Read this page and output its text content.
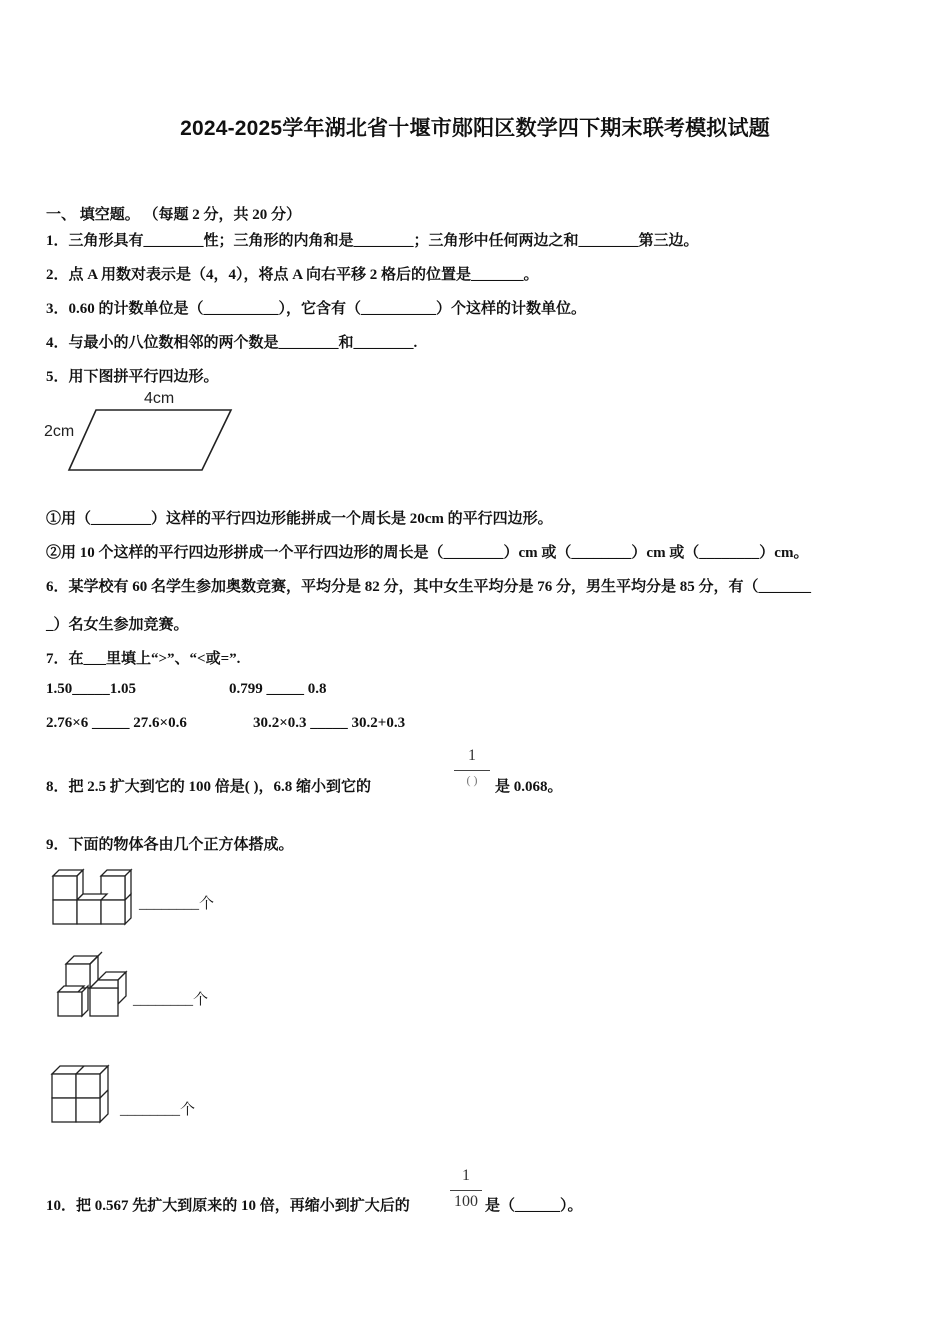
2024-2025学年湖北省十堰市郧阳区数学四下期末联考模拟试题
一、 填空题。 （每题 2 分，共 20 分）
1．三角形具有________性；三角形的内角和是________；三角形中任何两边之和________第三边。
2．点 A 用数对表示是（4，4），将点 A 向右平移 2 格后的位置是_______。
3．0.60 的计数单位是（__________），它含有（__________）个这样的计数单位。
4．与最小的八位数相邻的两个数是________和________.
5．用下图拼平行四边形。
4cm
2cm
①用（________）这样的平行四边形能拼成一个周长是 20cm 的平行四边形。
②用 10 个这样的平行四边形拼成一个平行四边形的周长是（________）cm 或（________）cm 或（________）cm。
6．某学校有 60 名学生参加奥数竞赛，平均分是 82 分，其中女生平均分是 76 分，男生平均分是 85 分，有（_______
_）名女生参加竞赛。
7．在___里填上“>”、“<或=”.
1.50_____1.05	0.799 _____ 0.8
2.76×6 _____ 27.6×0.6	30.2×0.3 _____ 30.2+0.3
8．把 2.5 扩大到它的 100 倍是( )，6.8 缩小到它的
1
( )	是 0.068。
9．下面的物体各由几个正方体搭成。
________个
________个
________个
10．把 0.567 先扩大到原来的 10 倍，再缩小到扩大后的
1
100 是（______）。
